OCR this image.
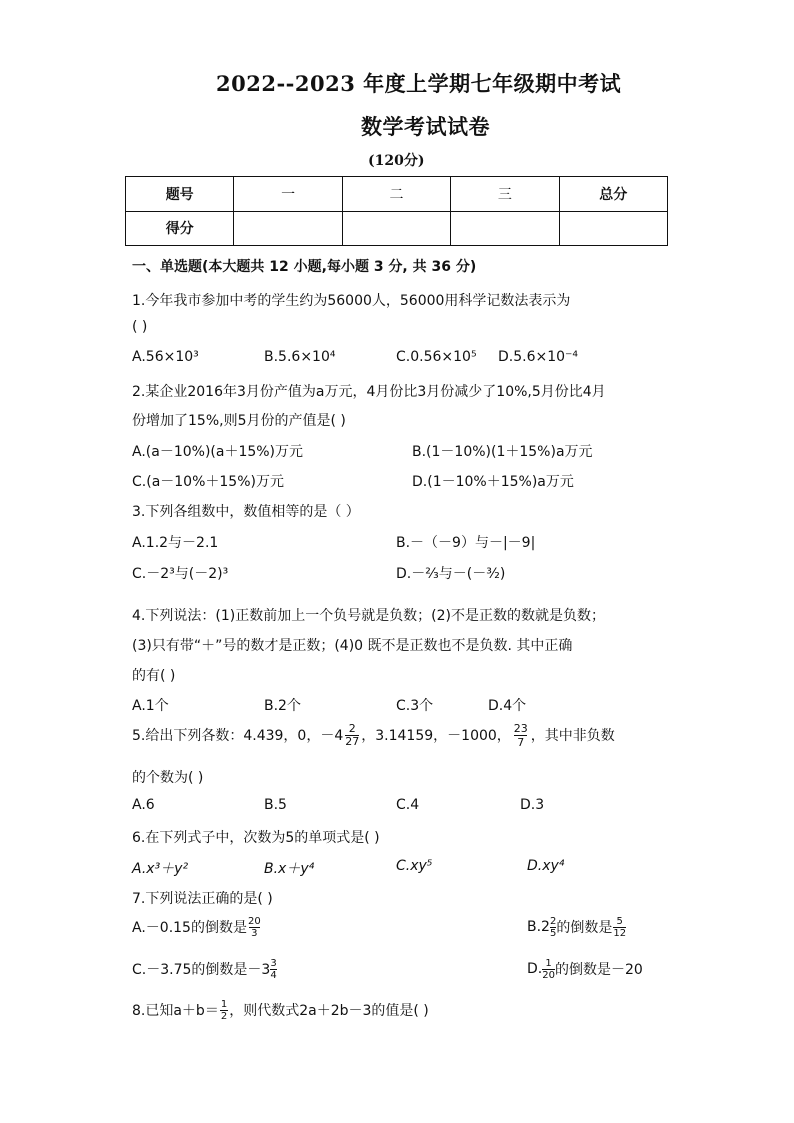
2022--2023 年度上学期七年级期中考试
数学考试试卷
(120分)
题号	一	二	三	总分
得分				
一、单选题(本大题共 12 小题,每小题 3 分, 共 36 分)
1.今年我市参加中考的学生约为56000人，56000用科学记数法表示为
( )
A.56×10³	B.5.6×10⁴	C.0.56×10⁵ D.5.6×10⁻⁴
2.某企业2016年3月份产值为a万元，4月份比3月份减少了10%,5月份比4月
份增加了15%,则5月份的产值是( )
A.(a－10%)(a＋15%)万元	B.(1－10%)(1＋15%)a万元
C.(a－10%＋15%)万元	D.(1－10%＋15%)a万元
3.下列各组数中，数值相等的是（ ）
A.1.2与－2.1	B.－（－9）与－|－9|
C.－2³与(－2)³	D.－²⁄₃与－(－³⁄₂)
4.下列说法：(1)正数前加上一个负号就是负数；(2)不是正数的数就是负数；
(3)只有带“＋”号的数才是正数；(4)0 既不是正数也不是负数. 其中正确
的有( )
A.1个	B.2个	C.3个	D.4个
5.给出下列各数：4.439，0，$-4 \frac{2}{27}$ ，3.14159，－1000， $\frac{23}{7}$ ，其中非负数
的个数为( )
A.6	B.5	C.4	D.3
6.在下列式子中，次数为5的单项式是( )
A.x³＋y²	B.x＋y⁴	C.xy⁵	D.xy⁴
7.下列说法正确的是( )
A.－0.15的倒数是 $\frac{20}{3}$	$B.2 \frac{2}{5}$ 的倒数是 $\frac{5}{12}$
C.－3.75的倒数是$-3 \frac{3}{4}$	D. $\frac{1}{20}$ 的倒数是－20
8.已知$a+b= \frac{1}{2}$ ，则代数式2a＋2b－3的值是( )
